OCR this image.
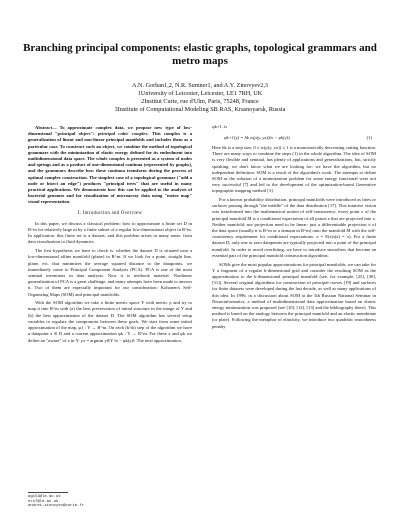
Branching principal components: elastic graphs, topological grammars and metro maps
A.N. Gorban1,2, N.R. Sumner1, and A.Y. Zinovyev2,3
1University of Leicester, Leicester, LE1 7RH, UK
2Institut Curie, rue d'Ulm, Paris, 75248, France
3Institute of Computational Modeling SB RAS, Krasnoyarsk, Russia

Abstract— To approximate complex data, we propose new type of low-dimensional "principal object": principal cubic complex. This complex is a generalization of linear and non-linear principal manifolds and includes them as a particular case. To construct such an object, we combine the method of topological grammars with the minimization of elastic energy defined for its embedment into multidimensional data space. The whole complex is presented as a system of nodes and springs and as a product of one-dimensional continua (represented by graphs), and the grammars describe how these continua transform during the process of optimal complex construction. The simplest case of a topological grammar ("add a node or bisect an edge") produces "principal trees" that are useful in many practical applications. We demonstrate how this can be applied to the analysis of bacterial genomes and for visualization of microarray data using "metro map" visual representation.

I. Introduction and Overview

In this paper, we discuss a classical problem: how to approximate a finite set D in R^m for relatively large m by a finite subset of a regular low-dimensional object in R^m. In application, this finite set is a dataset, and this problem arises in many areas: from data visualization to fluid dynamics.

The first hypothesis we have to check is: whether the dataset D is situated near a low-dimensional affine manifold (plane) in R^m. If we look for a point, straight line, plane, etc. that minimizes the average squared distance to the datapoints, we immediately come to Principal Component Analysis (PCA). PCA is one of the most seminal inventions in data analysis. Now it is textbook material. Nonlinear generalization of PCA is a great challenge, and many attempts have been made to answer it. Two of them are especially important for our consideration: Kohonen's Self-Organizing Maps (SOM) and principal manifolds.

With the SOM algorithm we take a finite metric space Y with metric ρ and try to map it into R^m with (a) the best preservation of initial structure in the image of Y and (b) the best approximation of the dataset D. The SOM algorithm has several setup variables to regulate the compromise between these goals. We start from some initial approximation of the map, φ1 : Y → R^m. On each (k-th) step of the algorithm we have a datapoint x ∈ D and a current approximation φk : Y → R^m. For these x and φk we define an "owner" of x in Y: yx = argmin y∈Y ‖x − φk(y)‖. The next approximation,

φk+1, is

φk+1(y) = hk w(ρ(y, yx))(x − φk(y)).	(1)

Here hk is a step size, 0 ≤ w(ρ(y, yx)) ≤ 1 is a monotonically decreasing cutting function. There are many ways to combine the steps (1) in the whole algorithm. The idea of SOM is very flexible and seminal, has plenty of applications and generalizations, but, strictly speaking, we don't know what we are looking for: we have the algorithm, but no independent definition: SOM is a result of the algorithm's work. The attempts to define SOM as the solution of a minimization problem for some energy functional were not very successful [7] and led to the development of the optimization-based Generative topographic mapping method [3].

For a known probability distribution, principal manifolds were introduced as lines or surfaces passing through "the middle" of the data distribution [17]. This intuitive vision was transformed into the mathematical notion of self-consistency: every point x of the principal manifold M is a conditional expectation of all points z that are projected into x. Neither manifold, nor projection need to be linear: just a differentiable projection π of the data space (usually it is R^m or a domain in R^m) onto the manifold M with the self-consistency requirement for conditional expectations: x = E(z|π(z) = x). For a finite dataset D, only one or zero datapoints are typically projected into a point of the principal manifold. In order to avoid overfitting, we have to introduce smoothers that become an essential part of the principal manifold construction algorithms.

SOMs give the most popular approximations for principal manifolds: we can take for Y a fragment of a regular k-dimensional grid and consider the resulting SOM as the approximation to the k-dimensional principal manifold (see, for example, [25], [30], [31]). Several original algorithms for construction of principal curves [19] and surfaces for finite datasets were developed during the last decade, as well as many applications of this idea. In 1996, in a discussion about SOM at the 5th Russian National Seminar in Neuroinformatics, a method of multidimensional data approximation based on elastic energy minimization was proposed (see [10], [12], [13] and the bibliography there). This method is based on the analogy between the principal manifold and an elastic membrane (or plate). Following the metaphor of elasticity, we introduce two quadratic smoothness penalty

ag153@le.ac.uk
nrs7@le.ac.uk
andrei.zinovyev@curie.fr
